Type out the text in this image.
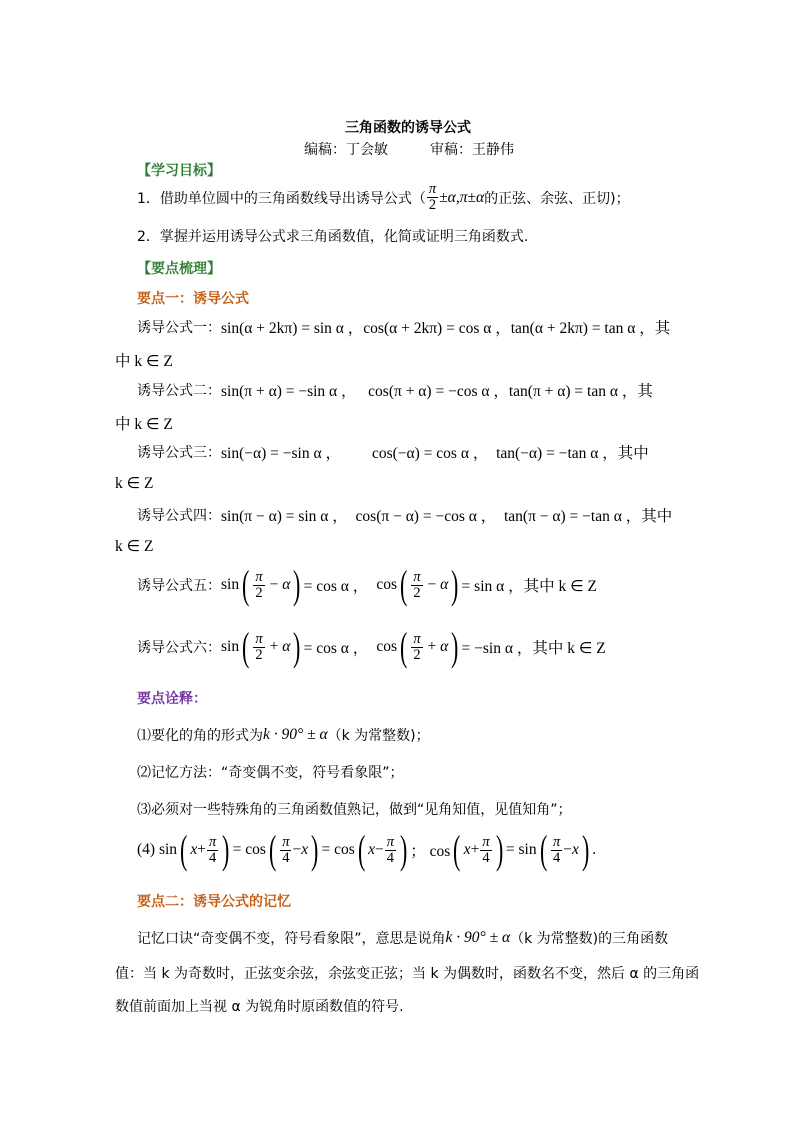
三角函数的诱导公式
编稿：丁会敏	审稿：王静伟
【学习目标】
1．借助单位圆中的三角函数线导出诱导公式（ $\frac{\pi}{2} \pm\alpha,\pi\pm\alpha$ 的正弦、余弦、正切)；
2．掌握并运用诱导公式求三角函数值，化简或证明三角函数式.
【要点梳理】
要点一：诱导公式
诱导公式一： sin(α + 2kπ) = sin α ，cos(α + 2kπ) = cos α ，tan(α + 2kπ) = tan α ，其
中 k ∈ Z
诱导公式二： sin(π + α) = −sin α ，   cos(π + α) = −cos α ，tan(π + α) = tan α ，其
中 k ∈ Z
诱导公式三： sin(−α) = −sin α ，        cos(−α) = cos α ，  tan(−α) = −tan α ，其中
k ∈ Z
诱导公式四： sin(π − α) = sin α ，  cos(π − α) = −cos α ，  tan(π − α) = −tan α ，其中
k ∈ Z
诱导公式五： sin ( $\frac{\pi}{2} - \alpha$ ) = cos α ， cos ( $\frac{\pi}{2} - \alpha$ ) = sin α ，其中 k ∈ Z
诱导公式六： sin ( $\frac{\pi}{2} + \alpha$ ) = cos α ， cos ( $\frac{\pi}{2} + \alpha$ ) = −sin α ，其中 k ∈ Z
要点诠释：
⑴要化的角的形式为 k · 90° ± α （k 为常整数)；
⑵记忆方法：“奇变偶不变，符号看象限”；
⑶必须对一些特殊角的三角函数值熟记，做到“见角知值，见值知角”；
(4) sin ( $x + \frac{\pi}{4}$ ) = cos ( $\frac{\pi}{4} - x$ ) = cos ( $x - \frac{\pi}{4}$ ) ； cos ( $x + \frac{\pi}{4}$ ) = sin ( $\frac{\pi}{4} - x$ ) .
要点二：诱导公式的记忆
记忆口诀“奇变偶不变，符号看象限”，意思是说角 k · 90° ± α （k 为常整数)的三角函数
值：当 k 为奇数时，正弦变余弦，余弦变正弦；当 k 为偶数时，函数名不变，然后 α 的三角函
数值前面加上当视 α 为锐角时原函数值的符号.
